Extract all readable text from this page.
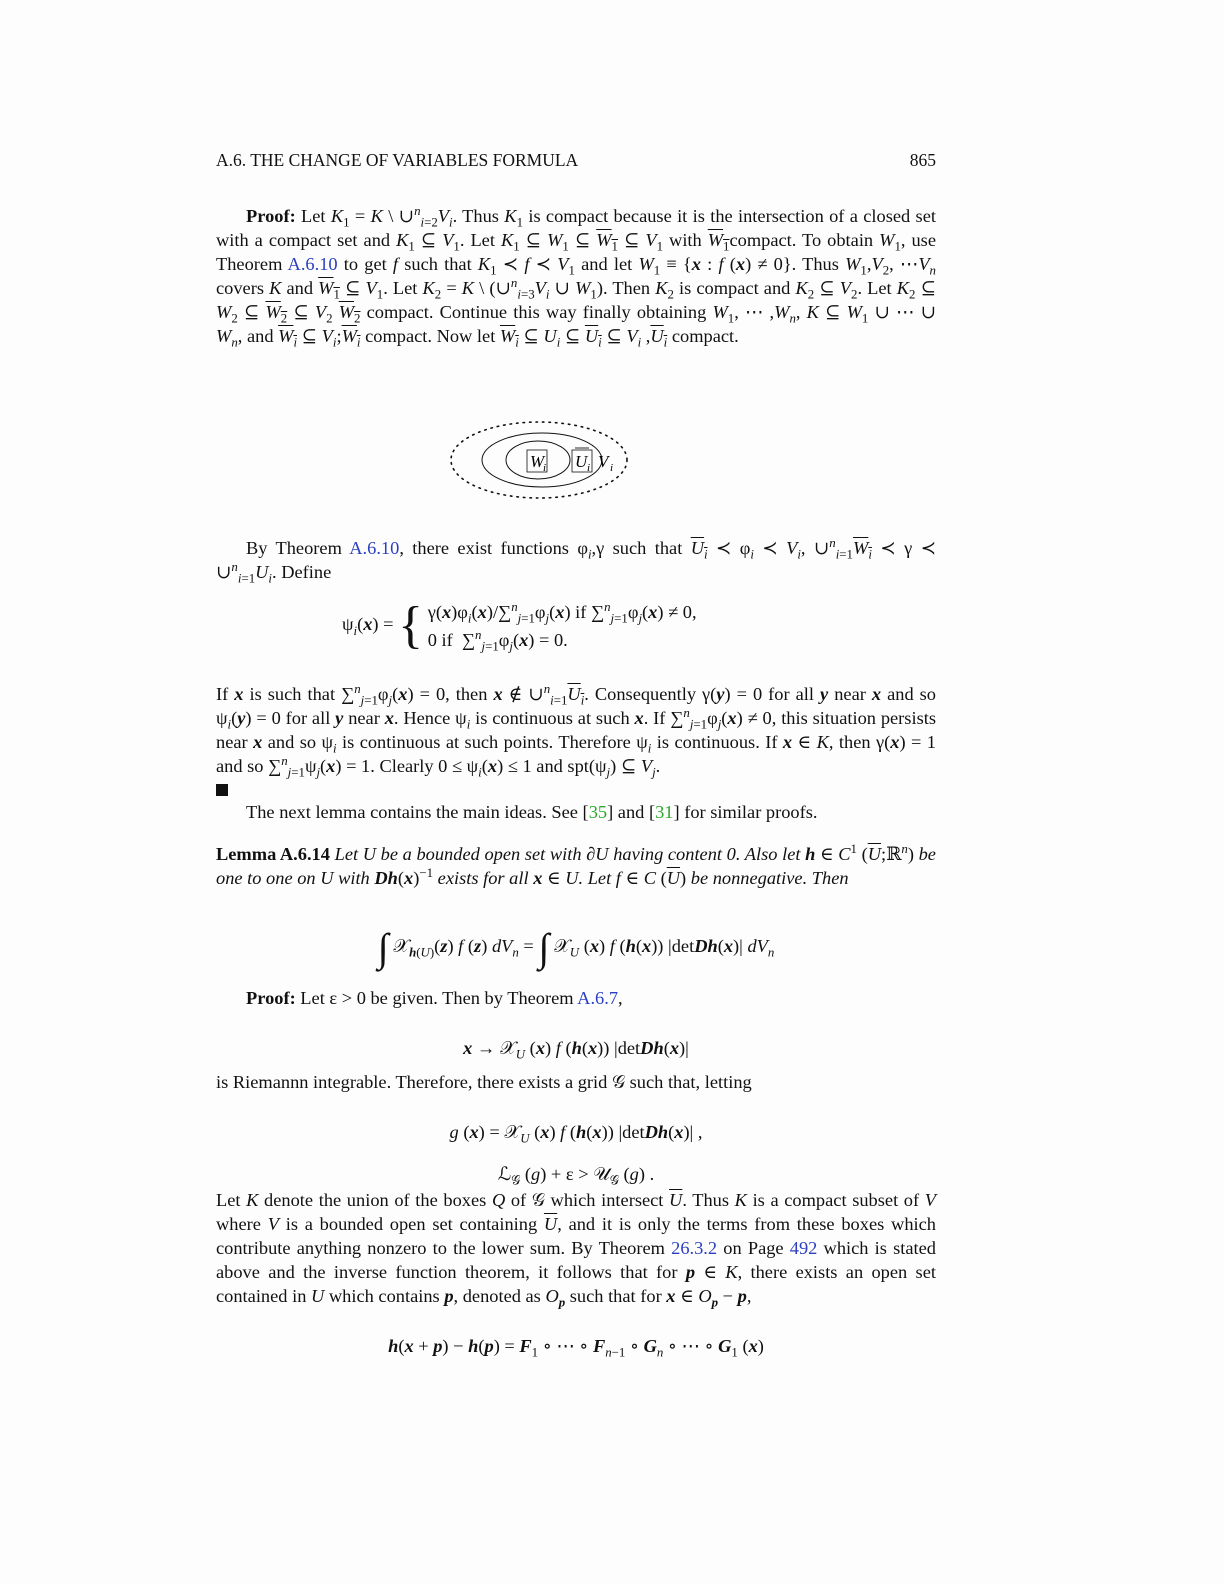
A.6. THE CHANGE OF VARIABLES FORMULA	865
Proof: Let $K_1 = K$ \ $\cup^n_{i=2}V_i$. Thus $K_1$ is compact because it is the intersection of a closed set with a compact set and $K_1$ ⊆ $V_1$. Let $K_1$ ⊆ $W_1$ ⊆ $W_1$ ⊆ $V_1$ with $W_1compact$. To obtain $W_1$, use Theorem A.6.10 to get f such that $K_1$ ≺ f ≺ $V_1$ and let $W_1 \equiv \{x$ : f (x) ≠ 0}. Thus $W_1,V_2$, $\cdots V_n$ covers K and $W_1$ ⊆ $V_1$. Let $K_2 = K$ \ ($\cup^n_{i=3}V_i$ ∪ $W_1$). Then $K_2$ is compact and $K_2$ ⊆ $V_2$. Let $K_2$ ⊆ $W_2$ ⊆ $W_2$ ⊆ $V_2$ $W_2$ compact. Continue this way finally obtaining $W_1$, ⋯ $,W_n$, K ⊆ $W_1$ ∪ ⋯ ∪ $W_n$, and $W_i$ ⊆ $V_i;W_i$ compact. Now let $W_i$ ⊆ $U_i$ ⊆ $U_i$ ⊆ $V_i$ $,U_i$ compact.
W
i U i V i
By Theorem A.6.10, there exist functions $\varphi_i,\gamma$ such that $U_i$ ≺ $\varphi_i$ ≺ $V_i$, $\cup^n_{i=1}W_i$ ≺ γ ≺ $\cup^n_{i=1}U_i$. Define
$\psi_i(x)$ = { $\gamma(x)\varphi_i(x)/\sum^n_{j=1}\varphi_j(x)$ if $\sum^n_{j=1}\varphi_j(x) \ne 0$,
0 if  $\sum^n_{j=1}\varphi_j(x) = 0$.
If x is such that $\sum^n_{j=1}\varphi_j(x) = 0$, then x ∉ $\cup^n_{i=1}U_i$. Consequently γ(y) = 0 for all y near x and so $\psi_i(y) = 0$ for all y near x. Hence $\psi_i$ is continuous at such x. If $\sum^n_{j=1}\varphi_j(x) \ne 0$, this situation persists near x and so $\psi_i$ is continuous at such points. Therefore $\psi_i$ is continuous. If x ∈ K, then γ(x) = 1 and so $\sum^n_{j=1}\psi_j(x) = 1$. Clearly $0 \le \psi_i(x) \le 1$ and $spt(\psi_j)$ ⊆ $V_j$.

The next lemma contains the main ideas. See [35] and [31] for similar proofs.
Lemma A.6.14 Let U be a bounded open set with ∂U having content 0. Also let h ∈ $C^1$ $(\overline{U};ℝ^n)$ be one to one on U with $Dh(x)^{-1}$ exists for all x ∈ U. Let f ∈ C $(\overline{U})$ be nonnegative. Then
∫ 𝒳$_{h(U)}$(z) f (z) $dV_n$ = ∫ 𝒳$_U$ (x) f (h(x)) |detDh(x)| $dV_n$
Proof: Let ε > 0 be given. Then by Theorem A.6.7,
x → 𝒳$_U$ (x) f (h(x)) |detDh(x)|
is Riemannn integrable. Therefore, there exists a grid 𝒢 such that, letting
g (x) = 𝒳$_U$ (x) f (h(x)) |detDh(x)| ,
ℒ$_𝒢$ (g) + ε > 𝒰$_𝒢$ (g) .
Let K denote the union of the boxes Q of 𝒢 which intersect $\overline{U}$. Thus K is a compact subset of V where V is a bounded open set containing $\overline{U}$, and it is only the terms from these boxes which contribute anything nonzero to the lower sum. By Theorem 26.3.2 on Page 492 which is stated above and the inverse function theorem, it follows that for p ∈ K, there exists an open set contained in U which contains p, denoted as $O_p$ such that for x ∈ $O_p - p$,
$h(x + p) - h(p) = F_1$ ∘ ⋯ ∘ $F_{n-1}$ ∘ $G_n$ ∘ ⋯ ∘ $G_1$ (x)
